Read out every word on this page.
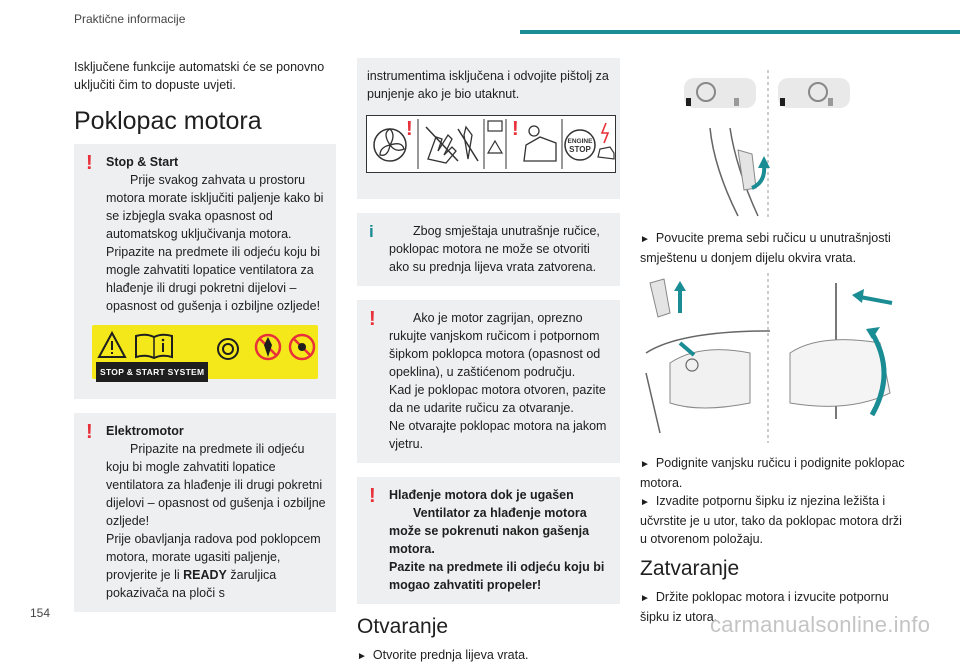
Praktične informacije

Isključene funkcije automatski će se ponovno uključiti čim to dopuste uvjeti.

Poklopac motora
! Stop & Start

Prije svakog zahvata u prostoru motora morate isključiti paljenje kako bi se izbjegla svaka opasnost od automatskog uključivanja motora.

Pripazite na predmete ili odjeću koju bi mogle zahvatiti lopatice ventilatora za hlađenje ili drugi pokretni dijelovi – opasnost od gušenja i ozbiljne ozljede!

STOP & START SYSTEM
! Elektromotor

Pripazite na predmete ili odjeću koju bi mogle zahvatiti lopatice ventilatora za hlađenje ili drugi pokretni dijelovi – opasnost od gušenja i ozbiljne ozljede!

Prije obavljanja radova pod poklopcem motora, morate ugasiti paljenje, provjerite je li READY žaruljica pokazivača na ploči s

instrumentima isključena i odvojite pištolj za punjenje ako je bio utaknut.

!	!
ENGINE
STOP
i	Zbog smještaja unutrašnje ručice, poklopac motora ne može se otvoriti ako su prednja lijeva vrata zatvorena.

!	Ako je motor zagrijan, oprezno rukujte vanjskom ručicom i potpornom šipkom poklopca motora (opasnost od opeklina), u zaštićenom području.

Kad je poklopac motora otvoren, pazite da ne udarite ručicu za otvaranje.

Ne otvarajte poklopac motora na jakom vjetru.

! Hlađenje motora dok je ugašen

Ventilator za hlađenje motora može se pokrenuti nakon gašenja motora.

Pazite na predmete ili odjeću koju bi mogao zahvatiti propeler!

Otvaranje

► Otvorite prednja lijeva vrata.

► Povucite prema sebi ručicu u unutrašnjosti smještenu u donjem dijelu okvira vrata.

► Podignite vanjsku ručicu i podignite poklopac motora.

► Izvadite potpornu šipku iz njezina ležišta i učvrstite je u utor, tako da poklopac motora drži u otvorenom položaju.

Zatvaranje

► Držite poklopac motora i izvucite potpornu šipku iz utora.

154	carmanualsonline.info
